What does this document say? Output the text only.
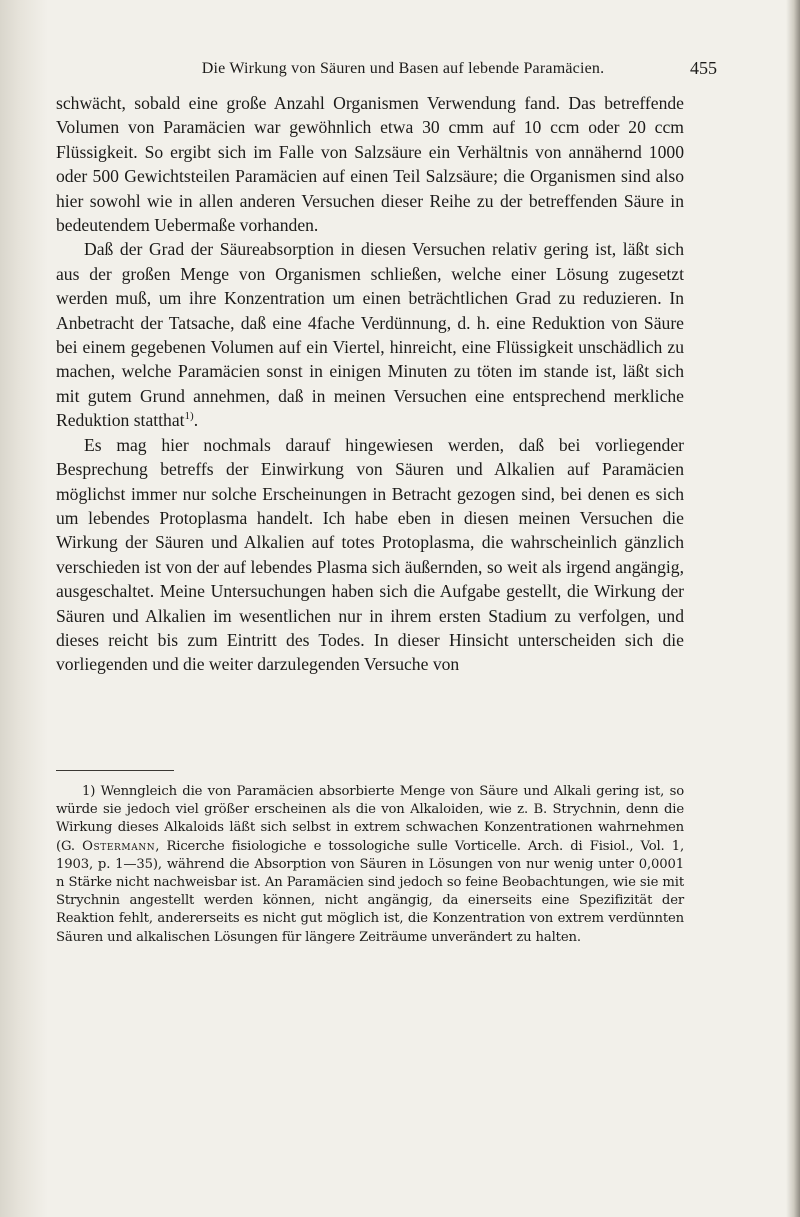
Die Wirkung von Säuren und Basen auf lebende Paramäcien.	455

schwächt, sobald eine große Anzahl Organismen Verwendung fand. Das betreffende Volumen von Paramäcien war gewöhnlich etwa 30 cmm auf 10 ccm oder 20 ccm Flüssigkeit. So ergibt sich im Falle von Salzsäure ein Verhältnis von annähernd 1000 oder 500 Gewichtsteilen Paramäcien auf einen Teil Salzsäure; die Organismen sind also hier sowohl wie in allen anderen Versuchen dieser Reihe zu der betreffenden Säure in bedeutendem Uebermaße vorhanden.

Daß der Grad der Säureabsorption in diesen Versuchen relativ gering ist, läßt sich aus der großen Menge von Organismen schließen, welche einer Lösung zugesetzt werden muß, um ihre Konzentration um einen beträchtlichen Grad zu reduzieren. In Anbetracht der Tatsache, daß eine 4fache Verdünnung, d. h. eine Reduktion von Säure bei einem gegebenen Volumen auf ein Viertel, hinreicht, eine Flüssigkeit unschädlich zu machen, welche Paramäcien sonst in einigen Minuten zu töten im stande ist, läßt sich mit gutem Grund annehmen, daß in meinen Versuchen eine entsprechend merkliche Reduktion statthat$^{1)}$.

Es mag hier nochmals darauf hingewiesen werden, daß bei vorliegender Besprechung betreffs der Einwirkung von Säuren und Alkalien auf Paramäcien möglichst immer nur solche Erscheinungen in Betracht gezogen sind, bei denen es sich um lebendes Protoplasma handelt. Ich habe eben in diesen meinen Versuchen die Wirkung der Säuren und Alkalien auf totes Protoplasma, die wahrscheinlich gänzlich verschieden ist von der auf lebendes Plasma sich äußernden, so weit als irgend angängig, ausgeschaltet. Meine Untersuchungen haben sich die Aufgabe gestellt, die Wirkung der Säuren und Alkalien im wesentlichen nur in ihrem ersten Stadium zu verfolgen, und dieses reicht bis zum Eintritt des Todes. In dieser Hinsicht unterscheiden sich die vorliegenden und die weiter darzulegenden Versuche von

1) Wenngleich die von Paramäcien absorbierte Menge von Säure und Alkali gering ist, so würde sie jedoch viel größer erscheinen als die von Alkaloiden, wie z. B. Strychnin, denn die Wirkung dieses Alkaloids läßt sich selbst in extrem schwachen Konzentrationen wahrnehmen (G. Ostermann, Ricerche fisiologiche e tossologiche sulle Vorticelle. Arch. di Fisiol., Vol. 1, 1903, p. 1—35), während die Absorption von Säuren in Lösungen von nur wenig unter 0,0001 n Stärke nicht nachweisbar ist. An Paramäcien sind jedoch so feine Beobachtungen, wie sie mit Strychnin angestellt werden können, nicht angängig, da einerseits eine Spezifizität der Reaktion fehlt, andererseits es nicht gut möglich ist, die Konzentration von extrem verdünnten Säuren und alkalischen Lösungen für längere Zeiträume unverändert zu halten.
